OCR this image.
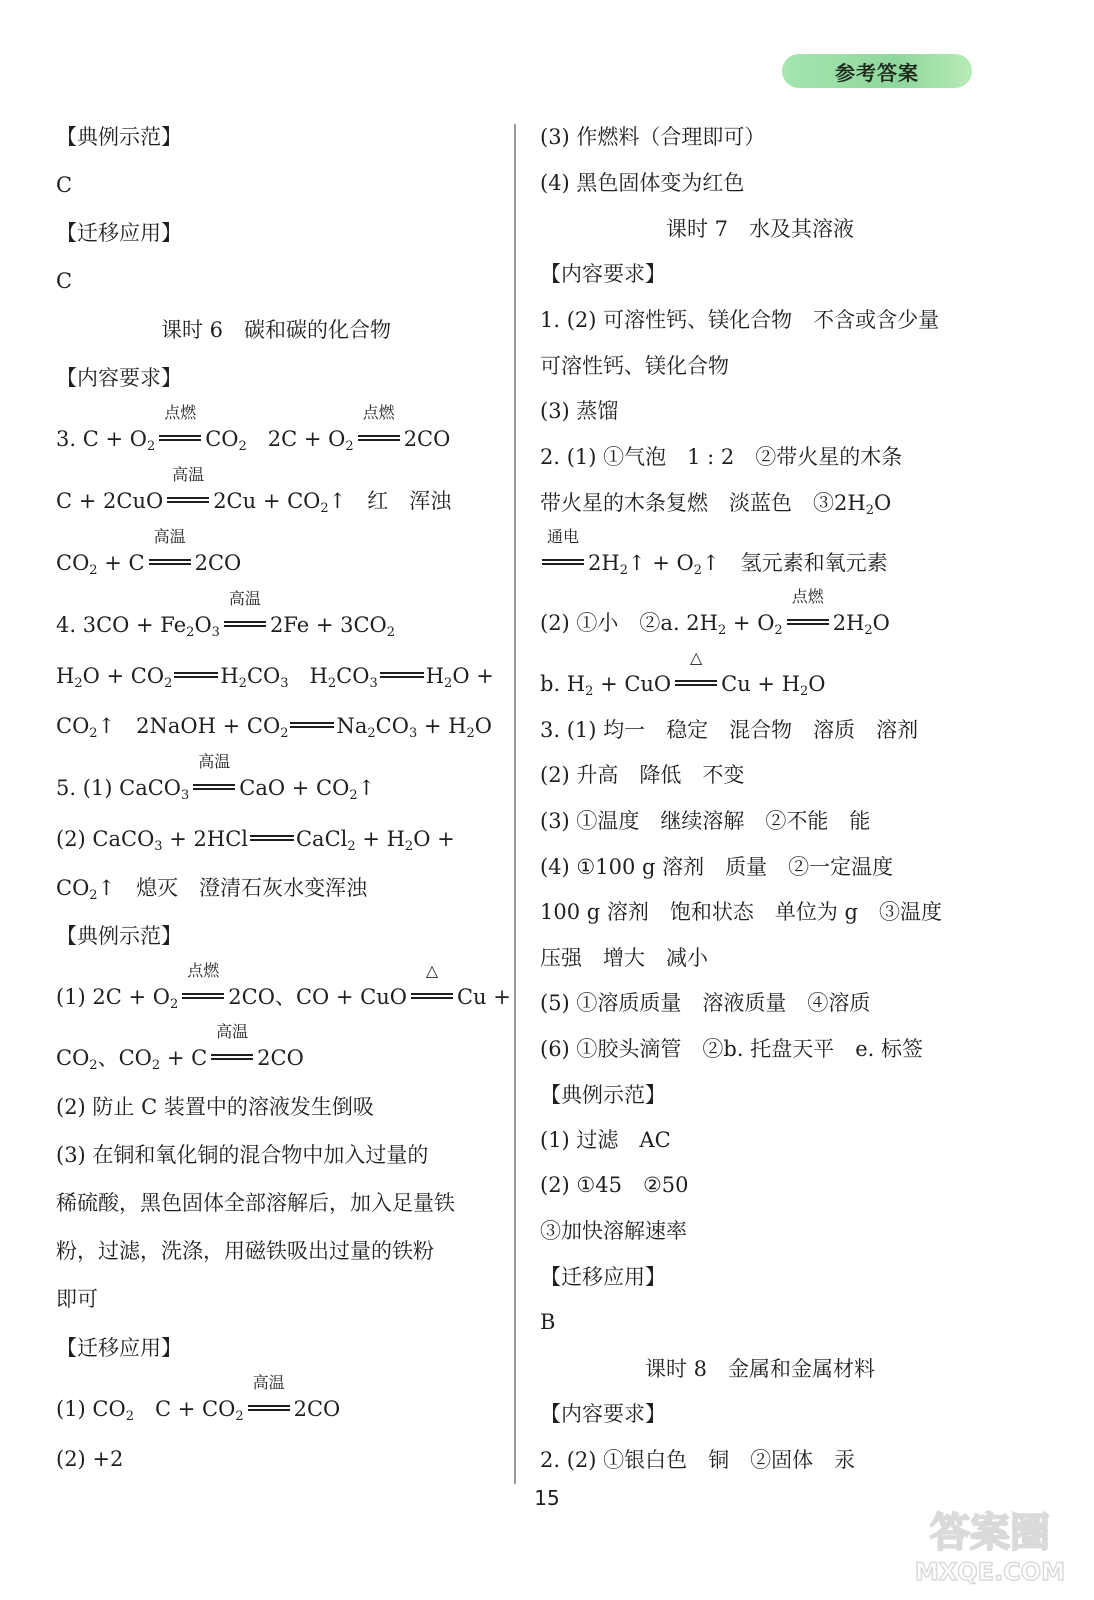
参考答案
【典例示范】
C
【迁移应用】
C
课时 6　碳和碳的化合物
【内容要求】
3. $C + O_2$
点燃
$CO_2$　$2C + O_2$
点燃
2CO
C + 2CuO
高温
$2Cu + CO_2↑$　红　浑浊
$CO_2 + C$
高温
2CO
4. $3CO + Fe_2O_3$
高温
$2Fe + 3CO_2$
$H_2O + CO_2$ $H_2CO_3$　$H_2CO_3$ $H_2O$ +
$CO_2↑$　2NaOH + $CO_2$ $Na_2CO_3 + H_2O$
5. (1) CaCO$_3$
高温
CaO + $CO_2↑$
(2) CaCO$_3$ + 2HCl CaCl$_2$ + $H_2O$ +
$CO_2↑$　熄灭　澄清石灰水变浑浊
【典例示范】
(1) $2C + O_2$
点燃
2CO、CO + CuO
△
Cu +
$CO_2$、$CO_2 + C$
高温
2CO
(2) 防止 C 装置中的溶液发生倒吸
(3) 在铜和氧化铜的混合物中加入过量的
稀硫酸，黑色固体全部溶解后，加入足量铁
粉，过滤，洗涤，用磁铁吸出过量的铁粉
即可
【迁移应用】
(1) $CO_2$　$C + CO_2$
高温
2CO
(2) +2
(3) 作燃料（合理即可）
(4) 黑色固体变为红色
课时 7　水及其溶液
【内容要求】
1. (2) 可溶性钙、镁化合物　不含或含少量
可溶性钙、镁化合物
(3) 蒸馏
2. (1) ①气泡　1 : 2　②带火星的木条
带火星的木条复燃　淡蓝色　$③2H_2O$
通电
$2H_2↑$ + $O_2↑$　氢元素和氧元素
(2) ①小　②a. $2H_2 + O_2$
点燃
$2H_2O$
b. $H_2$ + CuO
△
$Cu + H_2O$
3. (1) 均一　稳定　混合物　溶质　溶剂
(2) 升高　降低　不变
(3) ①温度　继续溶解　②不能　能
(4) ①100 g 溶剂　质量　②一定温度
100 g 溶剂　饱和状态　单位为 g　③温度
压强　增大　减小
(5) ①溶质质量　溶液质量　④溶质
(6) ①胶头滴管　②b. 托盘天平　e. 标签
【典例示范】
(1) 过滤　AC
(2) ①45　②50
③加快溶解速率
【迁移应用】
B
课时 8　金属和金属材料
【内容要求】
2. (2) ①银白色　铜　②固体　汞
15
答案圈
MXQE.COM
